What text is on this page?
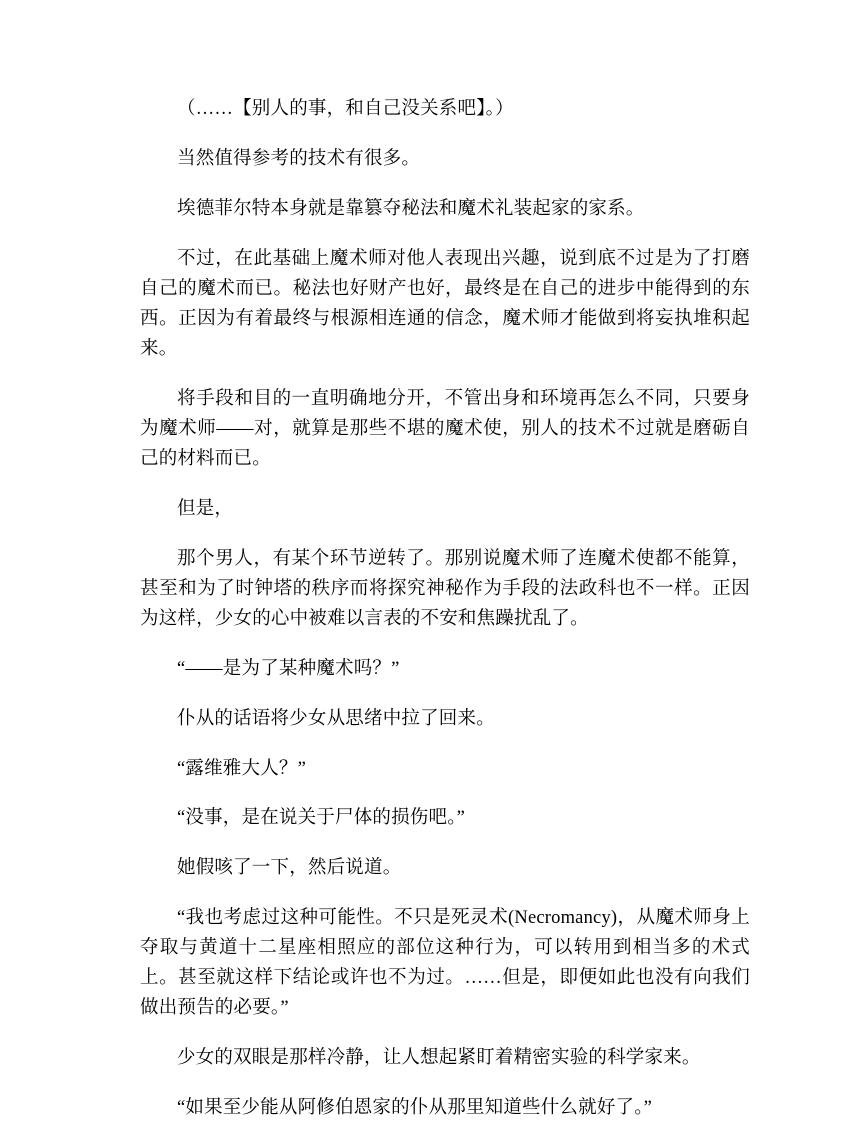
（……【别人的事，和自己没关系吧】。）

当然值得参考的技术有很多。

埃德菲尔特本身就是靠篡夺秘法和魔术礼装起家的家系。

不过，在此基础上魔术师对他人表现出兴趣，说到底不过是为了打磨自己的魔术而已。秘法也好财产也好，最终是在自己的进步中能得到的东西。正因为有着最终与根源相连通的信念，魔术师才能做到将妄执堆积起来。

将手段和目的一直明确地分开，不管出身和环境再怎么不同，只要身为魔术师——对，就算是那些不堪的魔术使，别人的技术不过就是磨砺自己的材料而已。

但是，

那个男人，有某个环节逆转了。那别说魔术师了连魔术使都不能算，甚至和为了时钟塔的秩序而将探究神秘作为手段的法政科也不一样。正因为这样，少女的心中被难以言表的不安和焦躁扰乱了。

“——是为了某种魔术吗？”

仆从的话语将少女从思绪中拉了回来。

“露维雅大人？”

“没事，是在说关于尸体的损伤吧。”

她假咳了一下，然后说道。

“我也考虑过这种可能性。不只是死灵术(Necromancy)，从魔术师身上夺取与黄道十二星座相照应的部位这种行为，可以转用到相当多的术式上。甚至就这样下结论或许也不为过。……但是，即便如此也没有向我们做出预告的必要。”

少女的双眼是那样冷静，让人想起紧盯着精密实验的科学家来。

“如果至少能从阿修伯恩家的仆从那里知道些什么就好了。”
